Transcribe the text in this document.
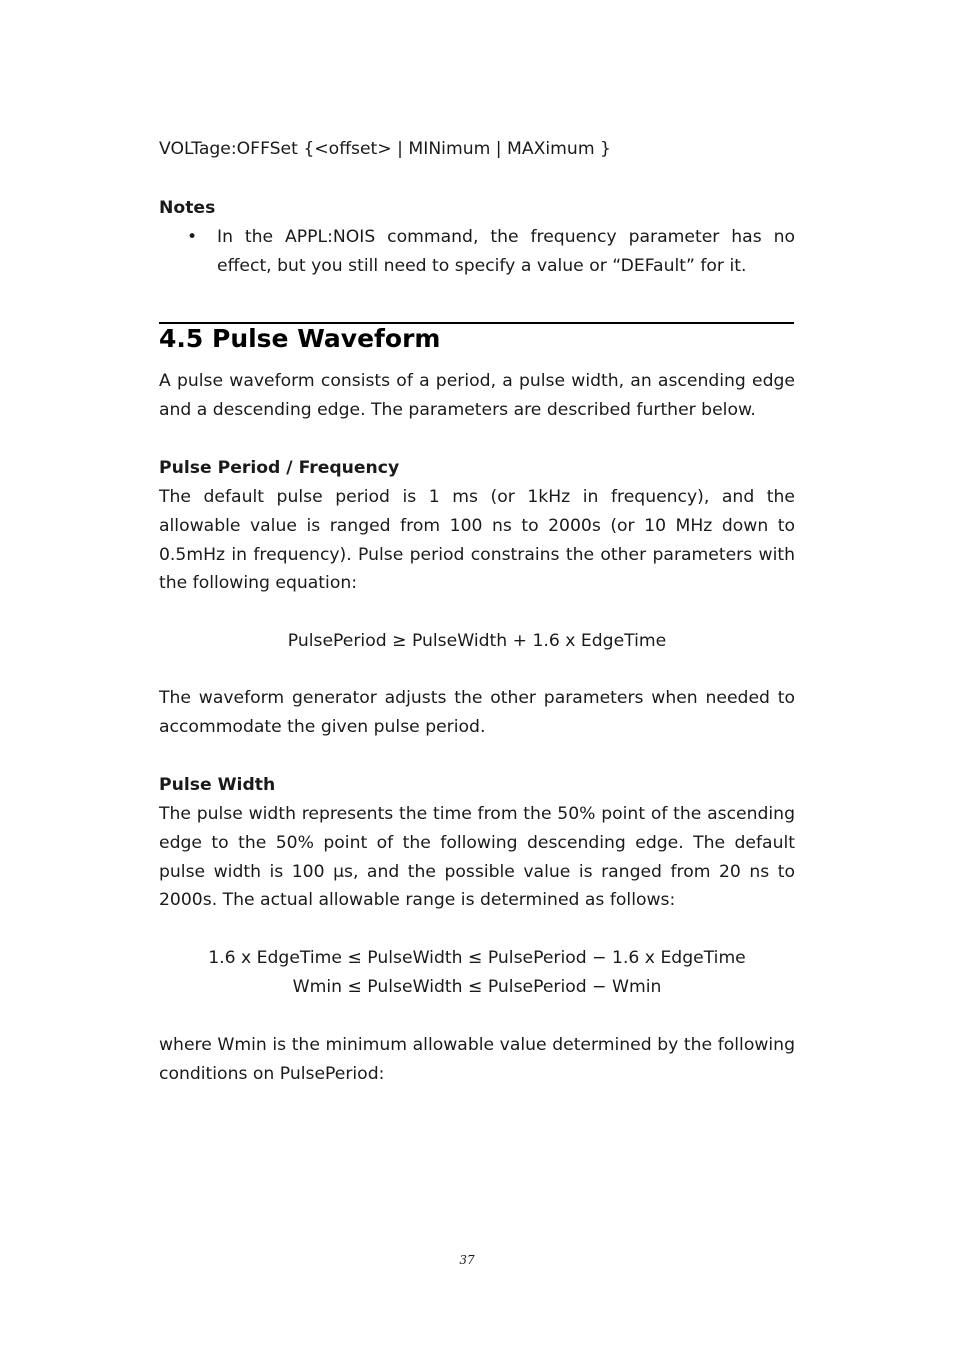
VOLTage:OFFSet {<offset> | MINimum | MAXimum }

Notes

• In the APPL:NOIS command, the frequency parameter has no effect, but you still need to specify a value or “DEFault” for it.
4.5 Pulse Waveform

A pulse waveform consists of a period, a pulse width, an ascending edge and a descending edge. The parameters are described further below.

Pulse Period / Frequency

The default pulse period is 1 ms (or 1kHz in frequency), and the allowable value is ranged from 100 ns to 2000s (or 10 MHz down to 0.5mHz in frequency). Pulse period constrains the other parameters with the following equation:

PulsePeriod ≥ PulseWidth + 1.6 x EdgeTime

The waveform generator adjusts the other parameters when needed to accommodate the given pulse period.

Pulse Width

The pulse width represents the time from the 50% point of the ascending edge to the 50% point of the following descending edge. The default pulse width is 100 μs, and the possible value is ranged from 20 ns to 2000s. The actual allowable range is determined as follows:

1.6 x EdgeTime ≤ PulseWidth ≤ PulsePeriod − 1.6 x EdgeTime

Wmin ≤ PulseWidth ≤ PulsePeriod − Wmin

where Wmin is the minimum allowable value determined by the following conditions on PulsePeriod:

37
